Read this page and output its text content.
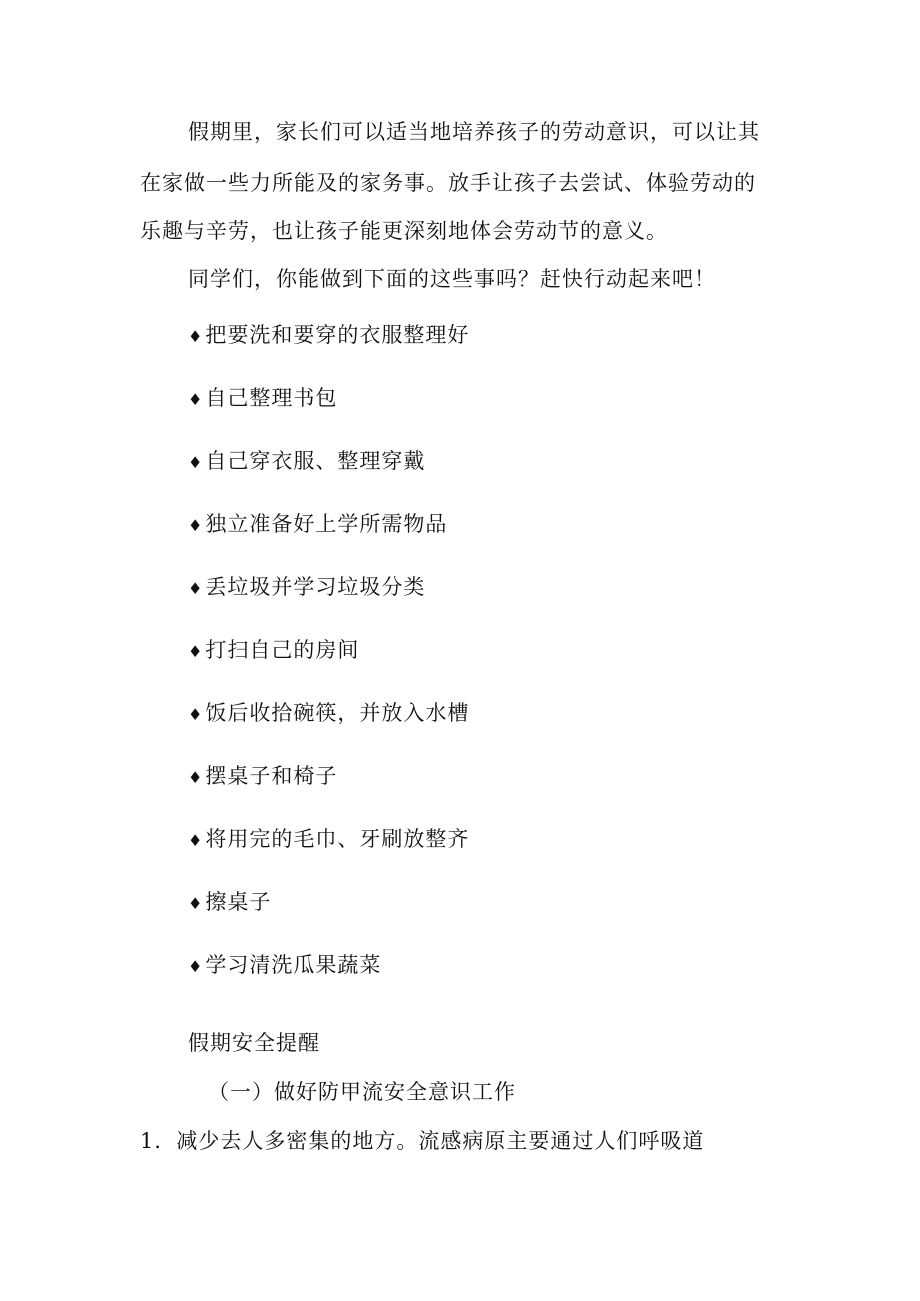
假期里，家长们可以适当地培养孩子的劳动意识，可以让其
在家做一些力所能及的家务事。放手让孩子去尝试、体验劳动的
乐趣与辛劳，也让孩子能更深刻地体会劳动节的意义。
同学们，你能做到下面的这些事吗？赶快行动起来吧！
♦把要洗和要穿的衣服整理好
♦自己整理书包
♦自己穿衣服、整理穿戴
♦独立准备好上学所需物品
♦丢垃圾并学习垃圾分类
♦打扫自己的房间
♦饭后收拾碗筷，并放入水槽
♦摆桌子和椅子
♦将用完的毛巾、牙刷放整齐
♦擦桌子
♦学习清洗瓜果蔬菜
假期安全提醒
（一）做好防甲流安全意识工作
1．减少去人多密集的地方。流感病原主要通过人们呼吸道
